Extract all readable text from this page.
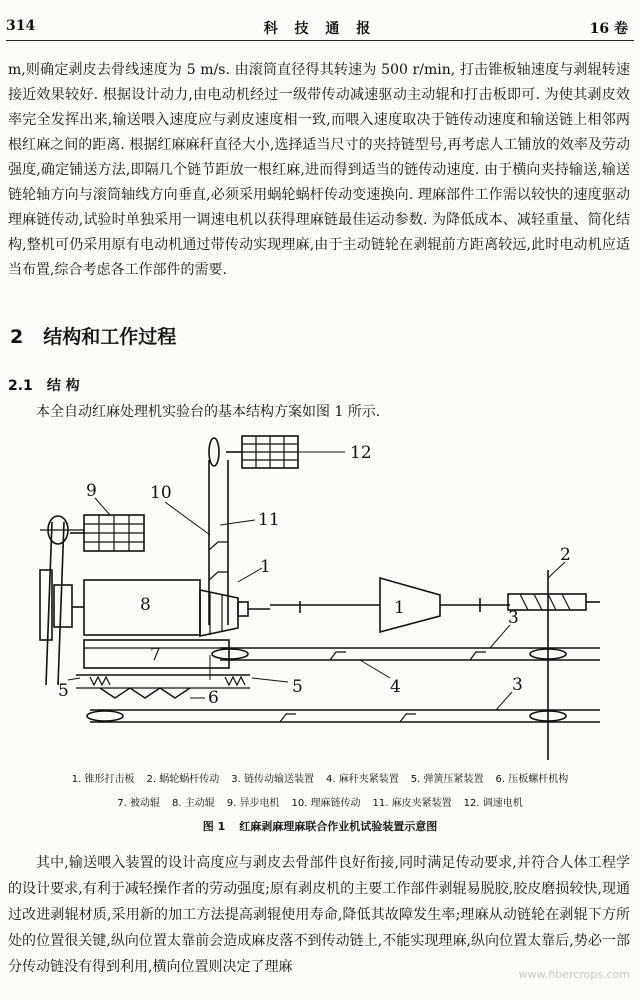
314	科 技 通 报	16 卷
m,则确定剥皮去骨线速度为 5 m/s. 由滚筒直径得其转速为 500 r/min, 打击锥板轴速度与剥辊转速接近效果较好. 根据设计动力,由电动机经过一级带传动减速驱动主动辊和打击板即可. 为使其剥皮效率完全发挥出来,输送喂入速度应与剥皮速度相一致,而喂入速度取决于链传动速度和输送链上相邻两根红麻之间的距离. 根据红麻麻秆直径大小,选择适当尺寸的夹持链型号,再考虑人工铺放的效率及劳动强度,确定铺送方法,即隔几个链节距放一根红麻,进而得到适当的链传动速度. 由于横向夹持输送,输送链轮轴方向与滚筒轴线方向垂直,必须采用蜗轮蜗杆传动变速换向. 理麻部件工作需以较快的速度驱动理麻链传动,试验时单独采用一调速电机以获得理麻链最佳运动参数. 为降低成本、减轻重量、简化结构,整机可仍采用原有电动机通过带传动实现理麻,由于主动链轮在剥辊前方距离较远,此时电动机应适当布置,综合考虑各工作部件的需要.
2 结构和工作过程
2.1 结 构
本全自动红麻处理机实验台的基本结构方案如图 1 所示.
1
1
2
3
3
4
5	5
6
7
8
9	10
11
12
1. 锥形打击板 2. 蜗轮蜗杆传动 3. 链传动输送装置 4. 麻秆夹紧装置 5. 弹簧压紧装置 6. 压板螺杆机构
7. 被动辊 8. 主动辊 9. 异步电机 10. 理麻链传动 11. 麻皮夹紧装置 12. 调速电机
图 1 红麻剥麻理麻联合作业机试验装置示意图
其中,输送喂入装置的设计高度应与剥皮去骨部件良好衔接,同时满足传动要求,并符合人体工程学的设计要求,有利于减轻操作者的劳动强度;原有剥皮机的主要工作部件剥辊易脱胶,胶皮磨损较快,现通过改进剥辊材质,采用新的加工方法提高剥辊使用寿命,降低其故障发生率;理麻从动链轮在剥辊下方所处的位置很关键,纵向位置太靠前会造成麻皮落不到传动链上,不能实现理麻,纵向位置太靠后,势必一部分传动链没有得到利用,横向位置则决定了理麻	www.fibercrops.com
